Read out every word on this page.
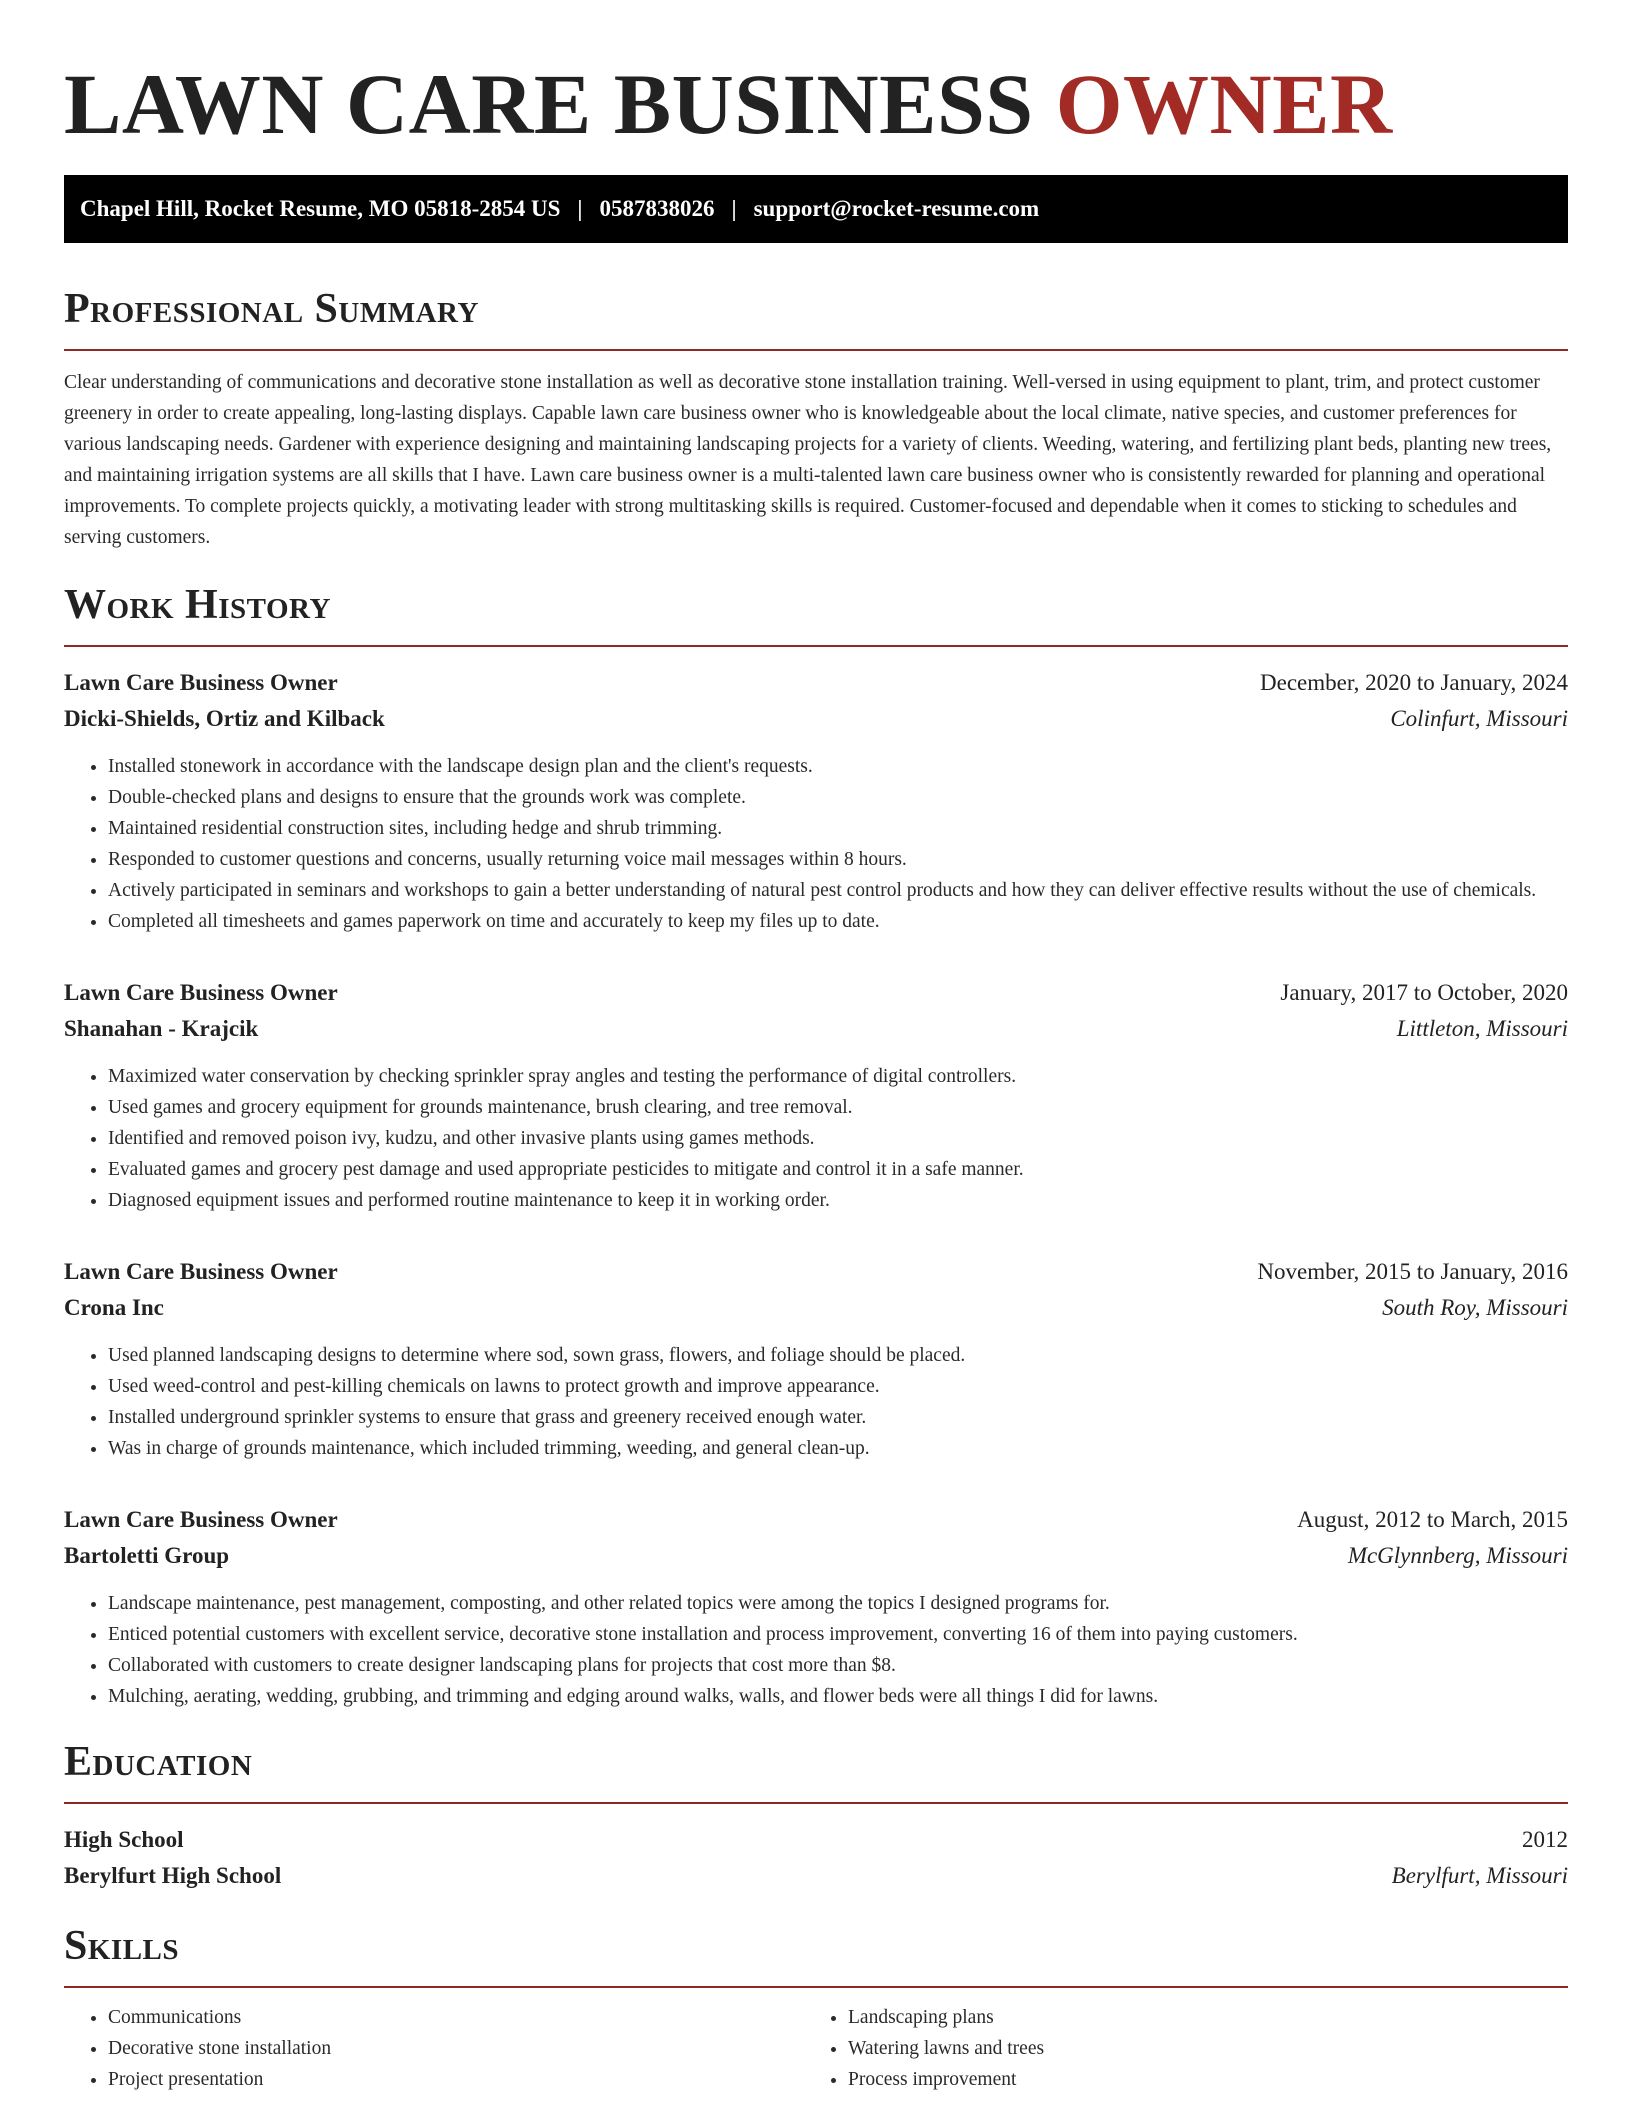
LAWN CARE BUSINESS OWNER
Chapel Hill, Rocket Resume, MO 05818-2854 US | 0587838026 | support@rocket-resume.com
Professional Summary

Clear understanding of communications and decorative stone installation as well as decorative stone installation training. Well-versed in using equipment to plant, trim, and protect customer greenery in order to create appealing, long-lasting displays. Capable lawn care business owner who is knowledgeable about the local climate, native species, and customer preferences for various landscaping needs. Gardener with experience designing and maintaining landscaping projects for a variety of clients. Weeding, watering, and fertilizing plant beds, planting new trees, and maintaining irrigation systems are all skills that I have. Lawn care business owner is a multi-talented lawn care business owner who is consistently rewarded for planning and operational improvements. To complete projects quickly, a motivating leader with strong multitasking skills is required. Customer-focused and dependable when it comes to sticking to schedules and serving customers.

Work History
Lawn Care Business Owner	December, 2020 to January, 2024
Dicki-Shields, Ortiz and Kilback	Colinfurt, Missouri
• Installed stonework in accordance with the landscape design plan and the client's requests.
• Double-checked plans and designs to ensure that the grounds work was complete.
• Maintained residential construction sites, including hedge and shrub trimming.
• Responded to customer questions and concerns, usually returning voice mail messages within 8 hours.
• Actively participated in seminars and workshops to gain a better understanding of natural pest control products and how they can deliver effective results without the use of chemicals.
• Completed all timesheets and games paperwork on time and accurately to keep my files up to date.
Lawn Care Business Owner	January, 2017 to October, 2020
Shanahan - Krajcik	Littleton, Missouri
• Maximized water conservation by checking sprinkler spray angles and testing the performance of digital controllers.
• Used games and grocery equipment for grounds maintenance, brush clearing, and tree removal.
• Identified and removed poison ivy, kudzu, and other invasive plants using games methods.
• Evaluated games and grocery pest damage and used appropriate pesticides to mitigate and control it in a safe manner.
• Diagnosed equipment issues and performed routine maintenance to keep it in working order.
Lawn Care Business Owner	November, 2015 to January, 2016
Crona Inc	South Roy, Missouri
• Used planned landscaping designs to determine where sod, sown grass, flowers, and foliage should be placed.
• Used weed-control and pest-killing chemicals on lawns to protect growth and improve appearance.
• Installed underground sprinkler systems to ensure that grass and greenery received enough water.
• Was in charge of grounds maintenance, which included trimming, weeding, and general clean-up.
Lawn Care Business Owner	August, 2012 to March, 2015
Bartoletti Group	McGlynnberg, Missouri
• Landscape maintenance, pest management, composting, and other related topics were among the topics I designed programs for.
• Enticed potential customers with excellent service, decorative stone installation and process improvement, converting 16 of them into paying customers.
• Collaborated with customers to create designer landscaping plans for projects that cost more than $8.
• Mulching, aerating, wedding, grubbing, and trimming and edging around walks, walls, and flower beds were all things I did for lawns.
Education
High School	2012
Berylfurt High School	Berylfurt, Missouri
Skills
• Communications
• Decorative stone installation
• Project presentation
• Landscaping plans
• Watering lawns and trees
• Process improvement
